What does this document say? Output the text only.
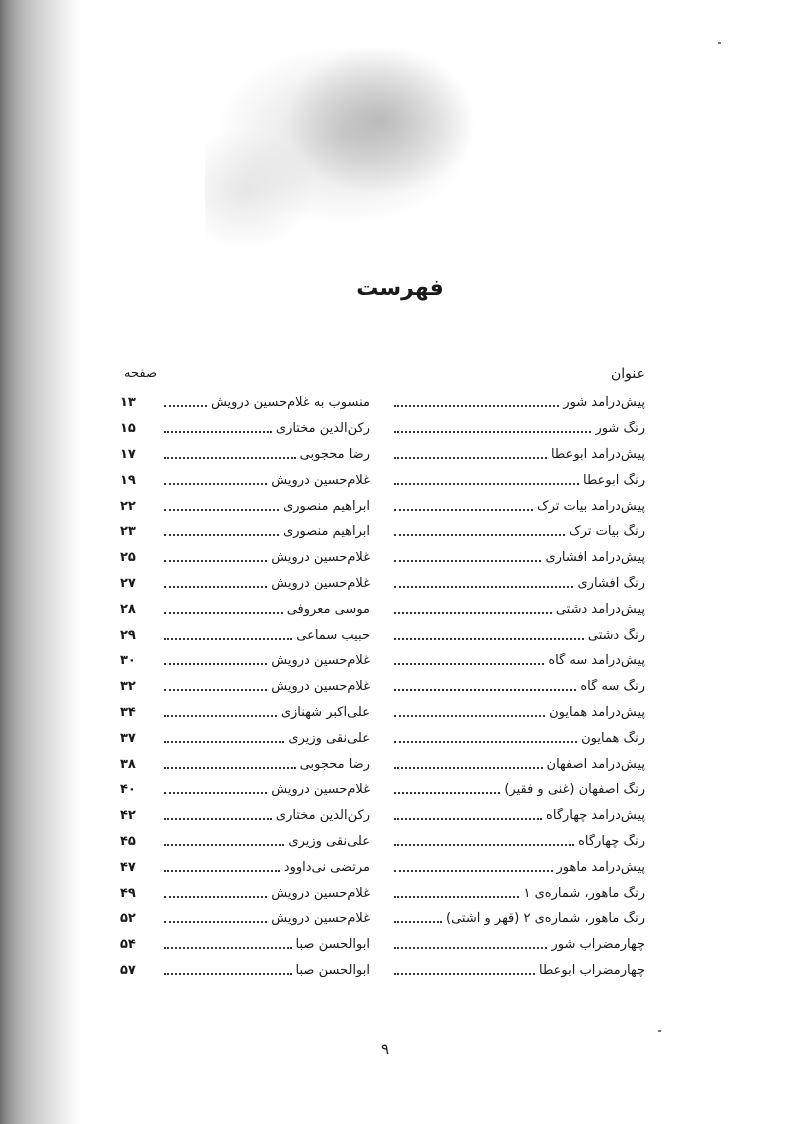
فهرست
عنوان
صفحه
پیش‌درآمد شور
منسوب به غلام‌حسین درویش
۱۳
رنگ شور
رکن‌الدین مختاری
۱۵
پیش‌درآمد ابوعطا
رضا محجوبی
۱۷
رنگ ابوعطا
غلام‌حسین درویش
۱۹
پیش‌درآمد بیات ترک
ابراهیم منصوری
۲۲
رنگ بیات ترک
ابراهیم منصوری
۲۳
پیش‌درآمد افشاری
غلام‌حسین درویش
۲۵
رنگ افشاری
غلام‌حسین درویش
۲۷
پیش‌درآمد دشتی
موسی معروفی
۲۸
رنگ دشتی
حبیب سماعی
۲۹
پیش‌درآمد سه گاه
غلام‌حسین درویش
۳۰
رنگ سه گاه
غلام‌حسین درویش
۳۲
پیش‌درآمد همایون
علی‌اکبر شهنازی
۳۴
رنگ همایون
علی‌نقی وزیری
۳۷
پیش‌درآمد اصفهان
رضا محجوبی
۳۸
رنگ اصفهان (غنی و فقیر)
غلام‌حسین درویش
۴۰
پیش‌درآمد چهارگاه
رکن‌الدین مختاری
۴۲
رنگ چهارگاه
علی‌نقی وزیری
۴۵
پیش‌درآمد ماهور
مرتضی نی‌داوود
۴۷
رنگ ماهور، شماره‌ی ۱
غلام‌حسین درویش
۴۹
رنگ ماهور، شماره‌ی ۲ (قهر و آشتی)
غلام‌حسین درویش
۵۲
چهارمضراب شور
ابوالحسن صبا
۵۴
چهارمضراب ابوعطا
ابوالحسن صبا
۵۷
۹
